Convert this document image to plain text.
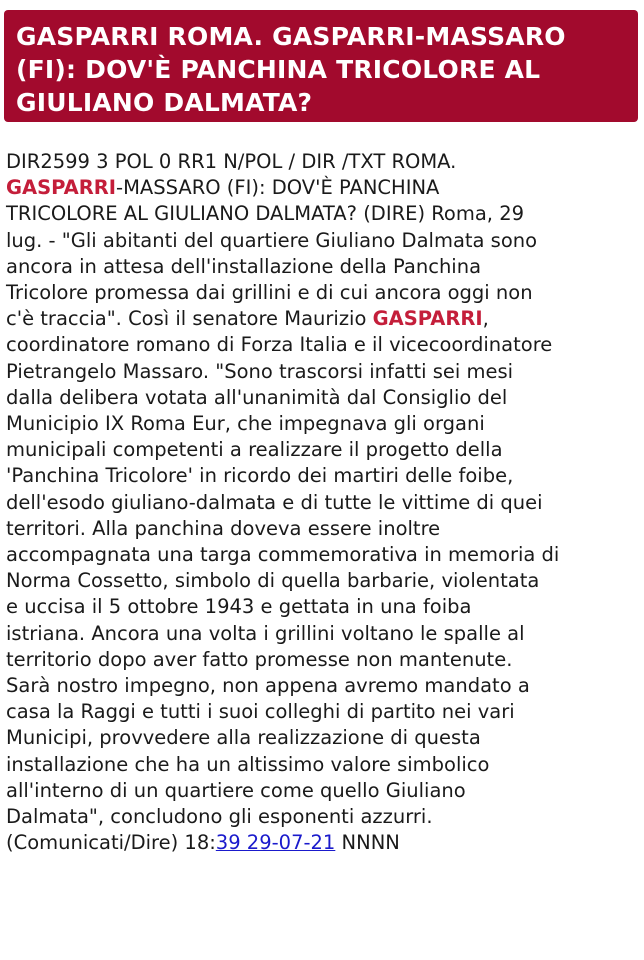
GASPARRI ROMA. GASPARRI-MASSARO (FI): DOV'È PANCHINA TRICOLORE AL GIULIANO DALMATA?
DIR2599 3 POL 0 RR1 N/POL / DIR /TXT ROMA.
GASPARRI-MASSARO (FI): DOV'È PANCHINA
TRICOLORE AL GIULIANO DALMATA? (DIRE) Roma, 29
lug. - "Gli abitanti del quartiere Giuliano Dalmata sono
ancora in attesa dell'installazione della Panchina
Tricolore promessa dai grillini e di cui ancora oggi non
c'è traccia". Così il senatore Maurizio GASPARRI,
coordinatore romano di Forza Italia e il vicecoordinatore
Pietrangelo Massaro. "Sono trascorsi infatti sei mesi
dalla delibera votata all'unanimità dal Consiglio del
Municipio IX Roma Eur, che impegnava gli organi
municipali competenti a realizzare il progetto della
'Panchina Tricolore' in ricordo dei martiri delle foibe,
dell'esodo giuliano-dalmata e di tutte le vittime di quei
territori. Alla panchina doveva essere inoltre
accompagnata una targa commemorativa in memoria di
Norma Cossetto, simbolo di quella barbarie, violentata
e uccisa il 5 ottobre 1943 e gettata in una foiba
istriana. Ancora una volta i grillini voltano le spalle al
territorio dopo aver fatto promesse non mantenute.
Sarà nostro impegno, non appena avremo mandato a
casa la Raggi e tutti i suoi colleghi di partito nei vari
Municipi, provvedere alla realizzazione di questa
installazione che ha un altissimo valore simbolico
all'interno di un quartiere come quello Giuliano
Dalmata", concludono gli esponenti azzurri.
(Comunicati/Dire) 18:39 29-07-21 NNNN
